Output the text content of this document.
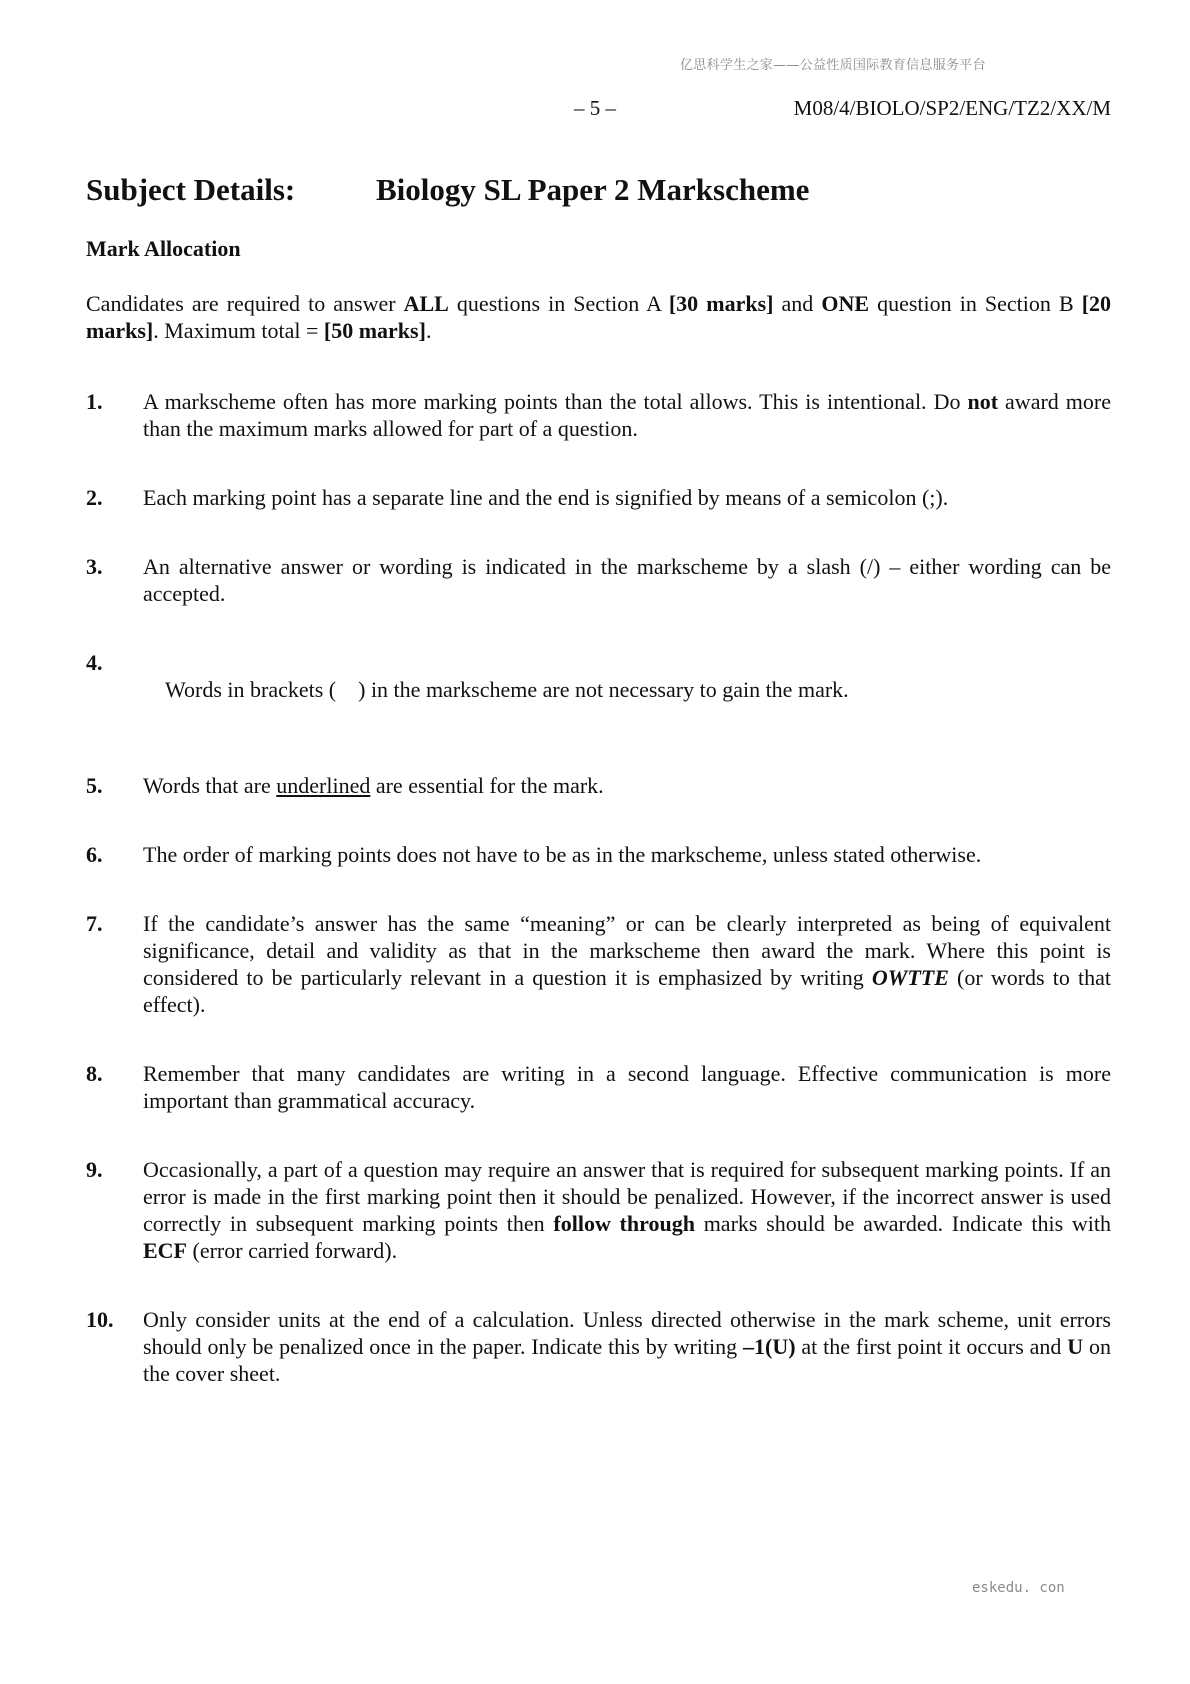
亿思科学生之家——公益性质国际教育信息服务平台
– 5 –	M08/4/BIOLO/SP2/ENG/TZ2/XX/M
Subject Details:	Biology SL Paper 2 Markscheme
Mark Allocation

Candidates are required to answer ALL questions in Section A [30 marks] and ONE question in Section B [20 marks]. Maximum total = [50 marks].

1. A markscheme often has more marking points than the total allows. This is intentional. Do not award more than the maximum marks allowed for part of a question.
2. Each marking point has a separate line and the end is signified by means of a semicolon (;).
3. An alternative answer or wording is indicated in the markscheme by a slash (/) – either wording can be accepted.

4.
Words in brackets (    ) in the markscheme are not necessary to gain the mark.

5. Words that are underlined are essential for the mark.
6. The order of marking points does not have to be as in the markscheme, unless stated otherwise.
7. If the candidate’s answer has the same “meaning” or can be clearly interpreted as being of equivalent significance, detail and validity as that in the markscheme then award the mark. Where this point is considered to be particularly relevant in a question it is emphasized by writing OWTTE (or words to that effect).
8. Remember that many candidates are writing in a second language. Effective communication is more important than grammatical accuracy.
9. Occasionally, a part of a question may require an answer that is required for subsequent marking points. If an error is made in the first marking point then it should be penalized. However, if the incorrect answer is used correctly in subsequent marking points then follow through marks should be awarded. Indicate this with ECF (error carried forward).
10. Only consider units at the end of a calculation. Unless directed otherwise in the mark scheme, unit errors should only be penalized once in the paper. Indicate this by writing –1(U) at the first point it occurs and U on the cover sheet.
eskedu. con
